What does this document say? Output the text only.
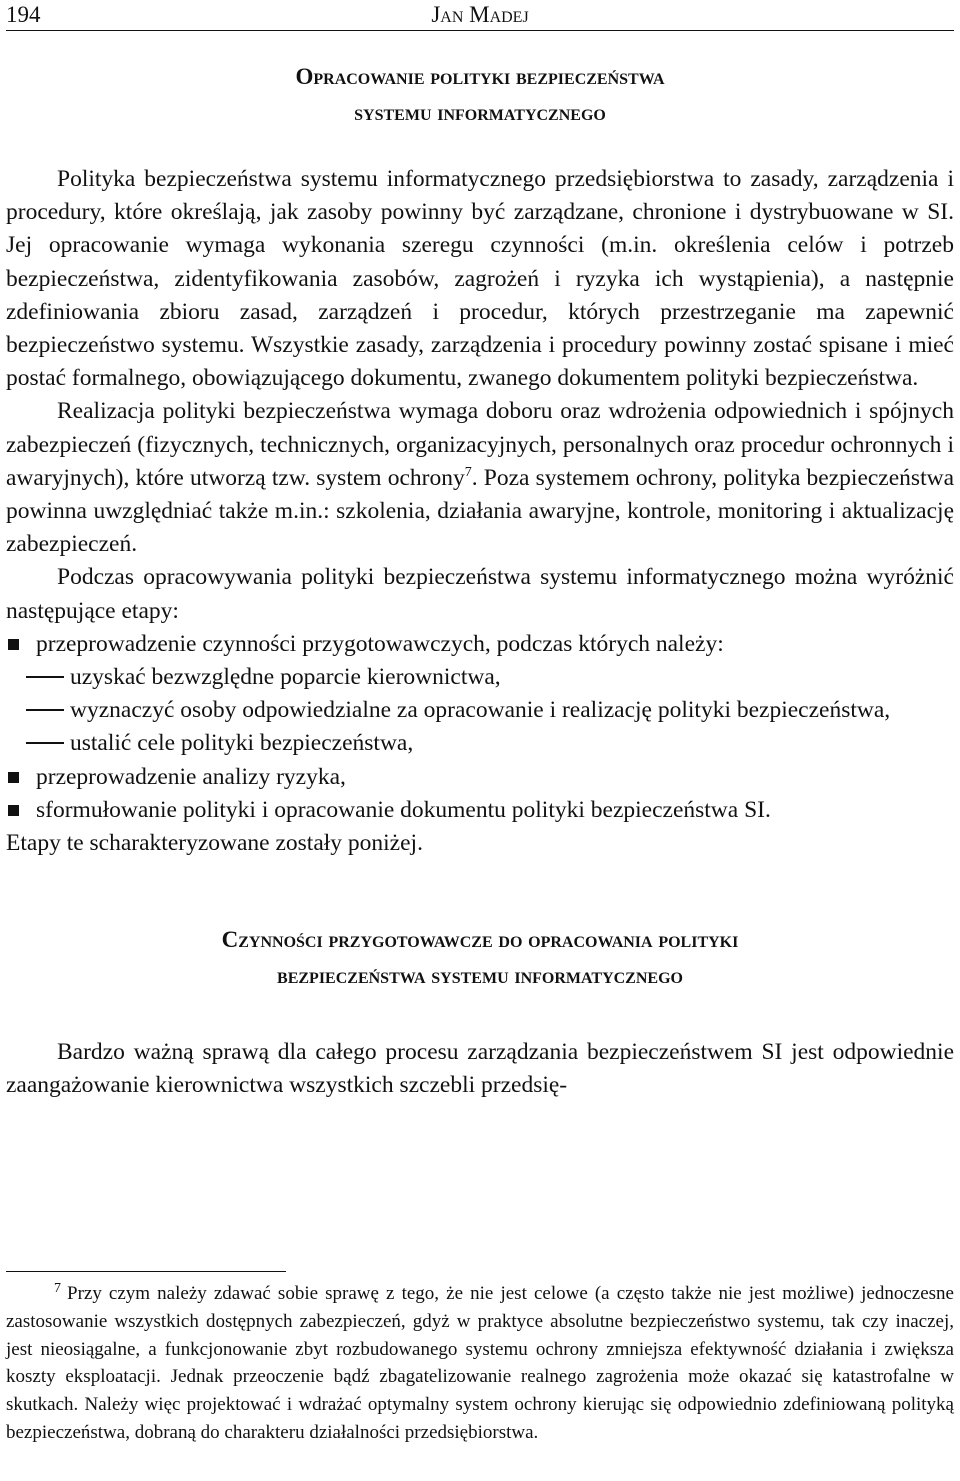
194	Jan Madej
Opracowanie polityki bezpieczeństwa
systemu informatycznego

Polityka bezpieczeństwa systemu informatycznego przedsiębiorstwa to zasady, zarządzenia i procedury, które określają, jak zasoby powinny być zarządzane, chronione i dystrybuowane w SI. Jej opracowanie wymaga wykonania szeregu czynności (m.in. określenia celów i potrzeb bezpieczeństwa, zidentyfikowania zasobów, zagrożeń i ryzyka ich wystąpienia), a następnie zdefiniowania zbioru zasad, zarządzeń i procedur, których przestrzeganie ma zapewnić bezpieczeństwo systemu. Wszystkie zasady, zarządzenia i procedury powinny zostać spisane i mieć postać formalnego, obowiązującego dokumentu, zwanego dokumentem polityki bezpieczeństwa.

Realizacja polityki bezpieczeństwa wymaga doboru oraz wdrożenia odpowiednich i spójnych zabezpieczeń (fizycznych, technicznych, organizacyjnych, personalnych oraz procedur ochronnych i awaryjnych), które utworzą tzw. system ochrony$^7$. Poza systemem ochrony, polityka bezpieczeństwa powinna uwzględniać także m.in.: szkolenia, działania awaryjne, kontrole, monitoring i aktualizację zabezpieczeń.

Podczas opracowywania polityki bezpieczeństwa systemu informatycznego można wyróżnić następujące etapy:

przeprowadzenie czynności przygotowawczych, podczas których należy:
uzyskać bezwzględne poparcie kierownictwa,
wyznaczyć osoby odpowiedzialne za opracowanie i realizację polityki bezpieczeństwa,
ustalić cele polityki bezpieczeństwa,
przeprowadzenie analizy ryzyka,
sformułowanie polityki i opracowanie dokumentu polityki bezpieczeństwa SI.

Etapy te scharakteryzowane zostały poniżej.

Czynności przygotowawcze do opracowania polityki
bezpieczeństwa systemu informatycznego

Bardzo ważną sprawą dla całego procesu zarządzania bezpieczeństwem SI jest odpowiednie zaangażowanie kierownictwa wszystkich szczebli przedsię-

$^7$ Przy czym należy zdawać sobie sprawę z tego, że nie jest celowe (a często także nie jest możliwe) jednoczesne zastosowanie wszystkich dostępnych zabezpieczeń, gdyż w praktyce absolutne bezpieczeństwo systemu, tak czy inaczej, jest nieosiągalne, a funkcjonowanie zbyt rozbudowanego systemu ochrony zmniejsza efektywność działania i zwiększa koszty eksploatacji. Jednak przeoczenie bądź zbagatelizowanie realnego zagrożenia może okazać się katastrofalne w skutkach. Należy więc projektować i wdrażać optymalny system ochrony kierując się odpowiednio zdefiniowaną polityką bezpieczeństwa, dobraną do charakteru działalności przedsiębiorstwa.
